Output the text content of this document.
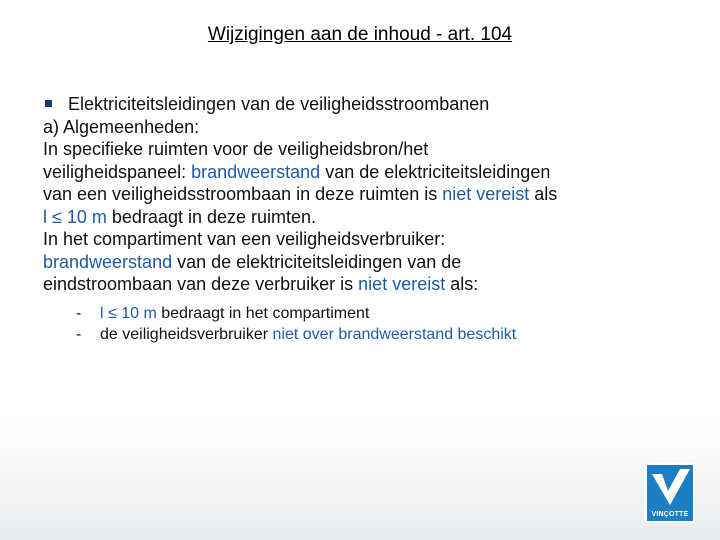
Wijzigingen aan de inhoud - art. 104
Elektriciteitsleidingen van de veiligheidsstroombanen
a) Algemeenheden:
In specifieke ruimten voor de veiligheidsbron/het
veiligheidspaneel: brandweerstand van de elektriciteitsleidingen
van een veiligheidsstroombaan in deze ruimten is niet vereist als
l ≤ 10 m bedraagt in deze ruimten.
In het compartiment van een veiligheidsverbruiker:
brandweerstand van de elektriciteitsleidingen van de
eindstroombaan van deze verbruiker is niet vereist als:
- l ≤ 10 m bedraagt in het compartiment
- de veiligheidsverbruiker niet over brandweerstand beschikt
VINÇOTTE
